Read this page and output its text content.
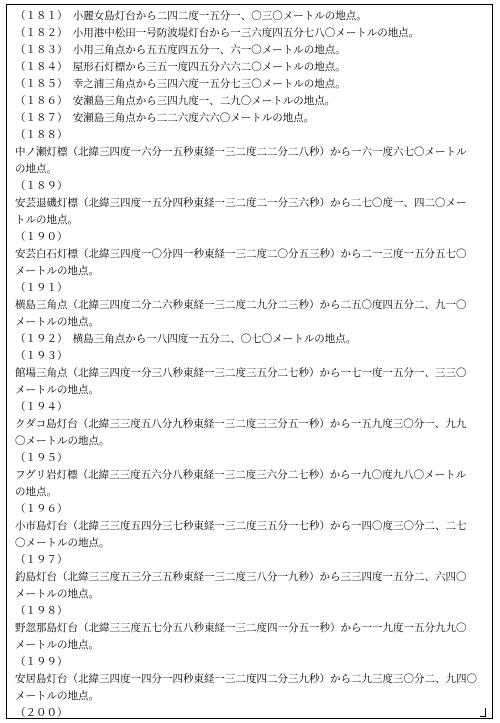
（１８１）　小麗女島灯台から二四二度一五分一、〇三〇メートルの地点。
（１８２）　小用港中松田一号防波堤灯台から一三六度四五分七八〇メートルの地点。
（１８３）　小用三角点から五五度四五分一、六一〇メートルの地点。
（１８４）　屋形石灯標から三五一度四五分六六二〇メートルの地点。
（１８５）　幸之浦三角点から三四六度一五分七三〇メートルの地点。
（１８６）　安瀬島三角点から三四九度一、二九〇メートルの地点。
（１８７）　安瀬島三角点から二二六度六六〇メートルの地点。
（１８８）
中ノ瀬灯標（北緯三四度一六分一五秒東経一三二度二二分二八秒）から一六一度六七〇メートル
の地点。
（１８９）
安芸退磯灯標（北緯三四度一五分四秒東経一三二度二一分三六秒）から二七〇度一、四二〇メー
トルの地点。
（１９０）
安芸白石灯標（北緯三四度一〇分四一秒東経一三二度二〇分五三秒）から二一三度一五分五七〇
メートルの地点。
（１９１）
横島三角点（北緯三四度二分二六秒東経一三二度二九分二三秒）から二五〇度四五分二、九一〇
メートルの地点。
（１９２）　横島三角点から一八四度一五分二、〇七〇メートルの地点。
（１９３）
館場三角点（北緯三四度一分三八秒東経一三二度三五分二七秒）から一七一度一五分一、三三〇
メートルの地点。
（１９４）
クダコ島灯台（北緯三三度五八分九秒東経一三二度三三分五一秒）から一五九度三〇分一、九九
〇メートルの地点。
（１９５）
フグリ岩灯標（北緯三三度五六分八秒東経一三二度三六分二七秒）から一九〇度九八〇メートル
の地点。
（１９６）
小市島灯台（北緯三三度五四分三七秒東経一三二度三五分一七秒）から一四〇度三〇分二、二七
〇メートルの地点。
（１９７）
釣島灯台（北緯三三度五三分三五秒東経一三二度三八分一九秒）から三三四度一五分二、六四〇
メートルの地点。
（１９８）
野忽那島灯台（北緯三三度五七分五八秒東経一三二度四一分五一秒）から一一九度一五分九九〇
メートルの地点。
（１９９）
安居島灯台（北緯三四度一四分一四秒東経一三二度四二分三九秒）から二九三度三〇分二、九四〇
メートルの地点。
（２００）
